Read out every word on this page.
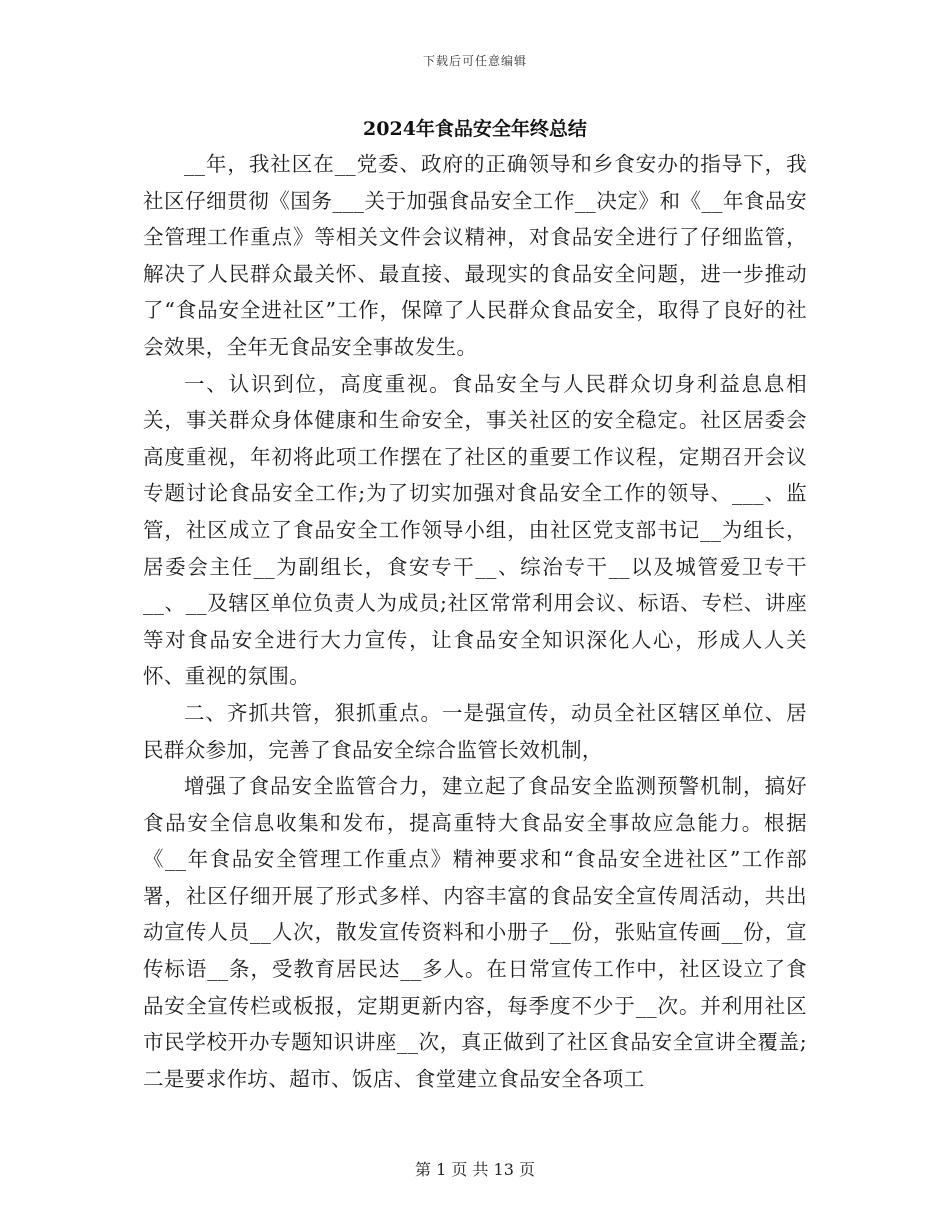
下载后可任意编辑
2024年食品安全年终总结

__年，我社区在__党委、政府的正确领导和乡食安办的指导下，我社区仔细贯彻《国务___关于加强食品安全工作__决定》和《__年食品安全管理工作重点》等相关文件会议精神，对食品安全进行了仔细监管，解决了人民群众最关怀、最直接、最现实的食品安全问题，进一步推动了“食品安全进社区”工作，保障了人民群众食品安全，取得了良好的社会效果，全年无食品安全事故发生。

一、认识到位，高度重视。食品安全与人民群众切身利益息息相关，事关群众身体健康和生命安全，事关社区的安全稳定。社区居委会高度重视，年初将此项工作摆在了社区的重要工作议程，定期召开会议专题讨论食品安全工作;为了切实加强对食品安全工作的领导、___、监管，社区成立了食品安全工作领导小组，由社区党支部书记__为组长，居委会主任__为副组长，食安专干__、综治专干__以及城管爱卫专干__、__及辖区单位负责人为成员;社区常常利用会议、标语、专栏、讲座等对食品安全进行大力宣传，让食品安全知识深化人心，形成人人关怀、重视的氛围。

二、齐抓共管，狠抓重点。一是强宣传，动员全社区辖区单位、居民群众参加，完善了食品安全综合监管长效机制，

增强了食品安全监管合力，建立起了食品安全监测预警机制，搞好食品安全信息收集和发布，提高重特大食品安全事故应急能力。根据《__年食品安全管理工作重点》精神要求和“食品安全进社区”工作部署，社区仔细开展了形式多样、内容丰富的食品安全宣传周活动，共出动宣传人员__人次，散发宣传资料和小册子__份，张贴宣传画__份，宣传标语__条，受教育居民达__多人。在日常宣传工作中，社区设立了食品安全宣传栏或板报，定期更新内容，每季度不少于__次。并利用社区市民学校开办专题知识讲座__次，真正做到了社区食品安全宣讲全覆盖;二是要求作坊、超市、饭店、食堂建立食品安全各项工

第 1 页 共 13 页
